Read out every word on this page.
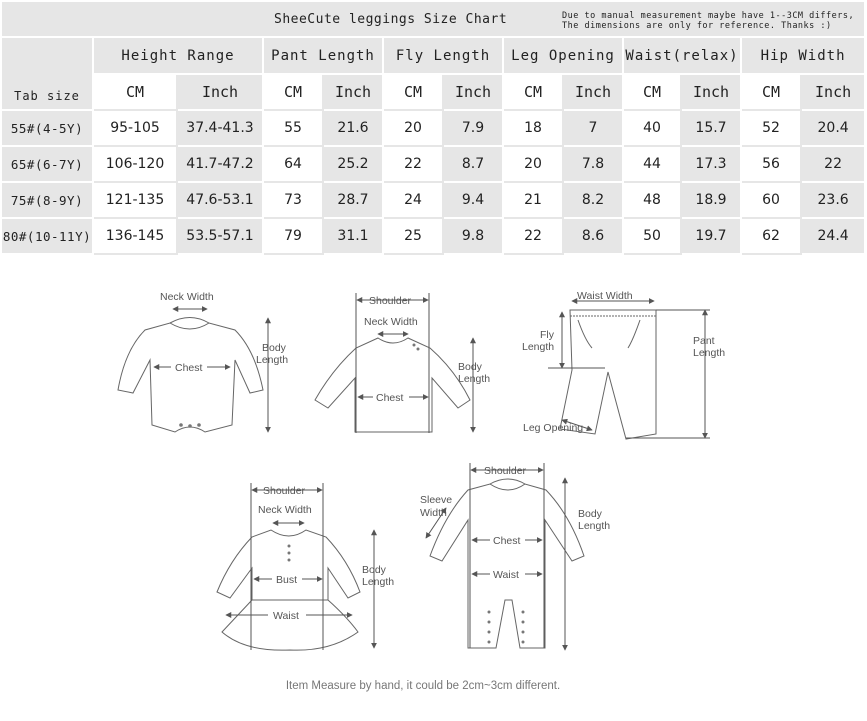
SheeCute leggings Size Chart Due to manual measurement maybe have 1--3CM differs,
The dimensions are only for reference. Thanks :)												

Tab size	Height Range		Pant Length		Fly Length		Leg Opening		Waist(relax)		Hip Width	
	CM	Inch	CM	Inch	CM	Inch	CM	Inch	CM	Inch	CM	Inch
55#(4-5Y)	95-105	37.4-41.3	55	21.6	20	7.9	18	7	40	15.7	52	20.4
65#(6-7Y)	106-120	41.7-47.2	64	25.2	22	8.7	20	7.8	44	17.3	56	22
75#(8-9Y)	121-135	47.6-53.1	73	28.7	24	9.4	21	8.2	48	18.9	60	23.6
80#(10-11Y)	136-145	53.5-57.1	79	31.1	25	9.8	22	8.6	50	19.7	62	24.4
Neck Width
Chest
Body
Length
Shoulder
Neck Width
Chest
Body
Length
Waist Width
Fly
Length	Pant
Length
Leg Opening
Shoulder
Neck Width
Bust
Waist
Body
Length
Shoulder
Chest
Waist
Sleeve
Width	Body
Length
Item Measure by hand, it could be 2cm~3cm different.
